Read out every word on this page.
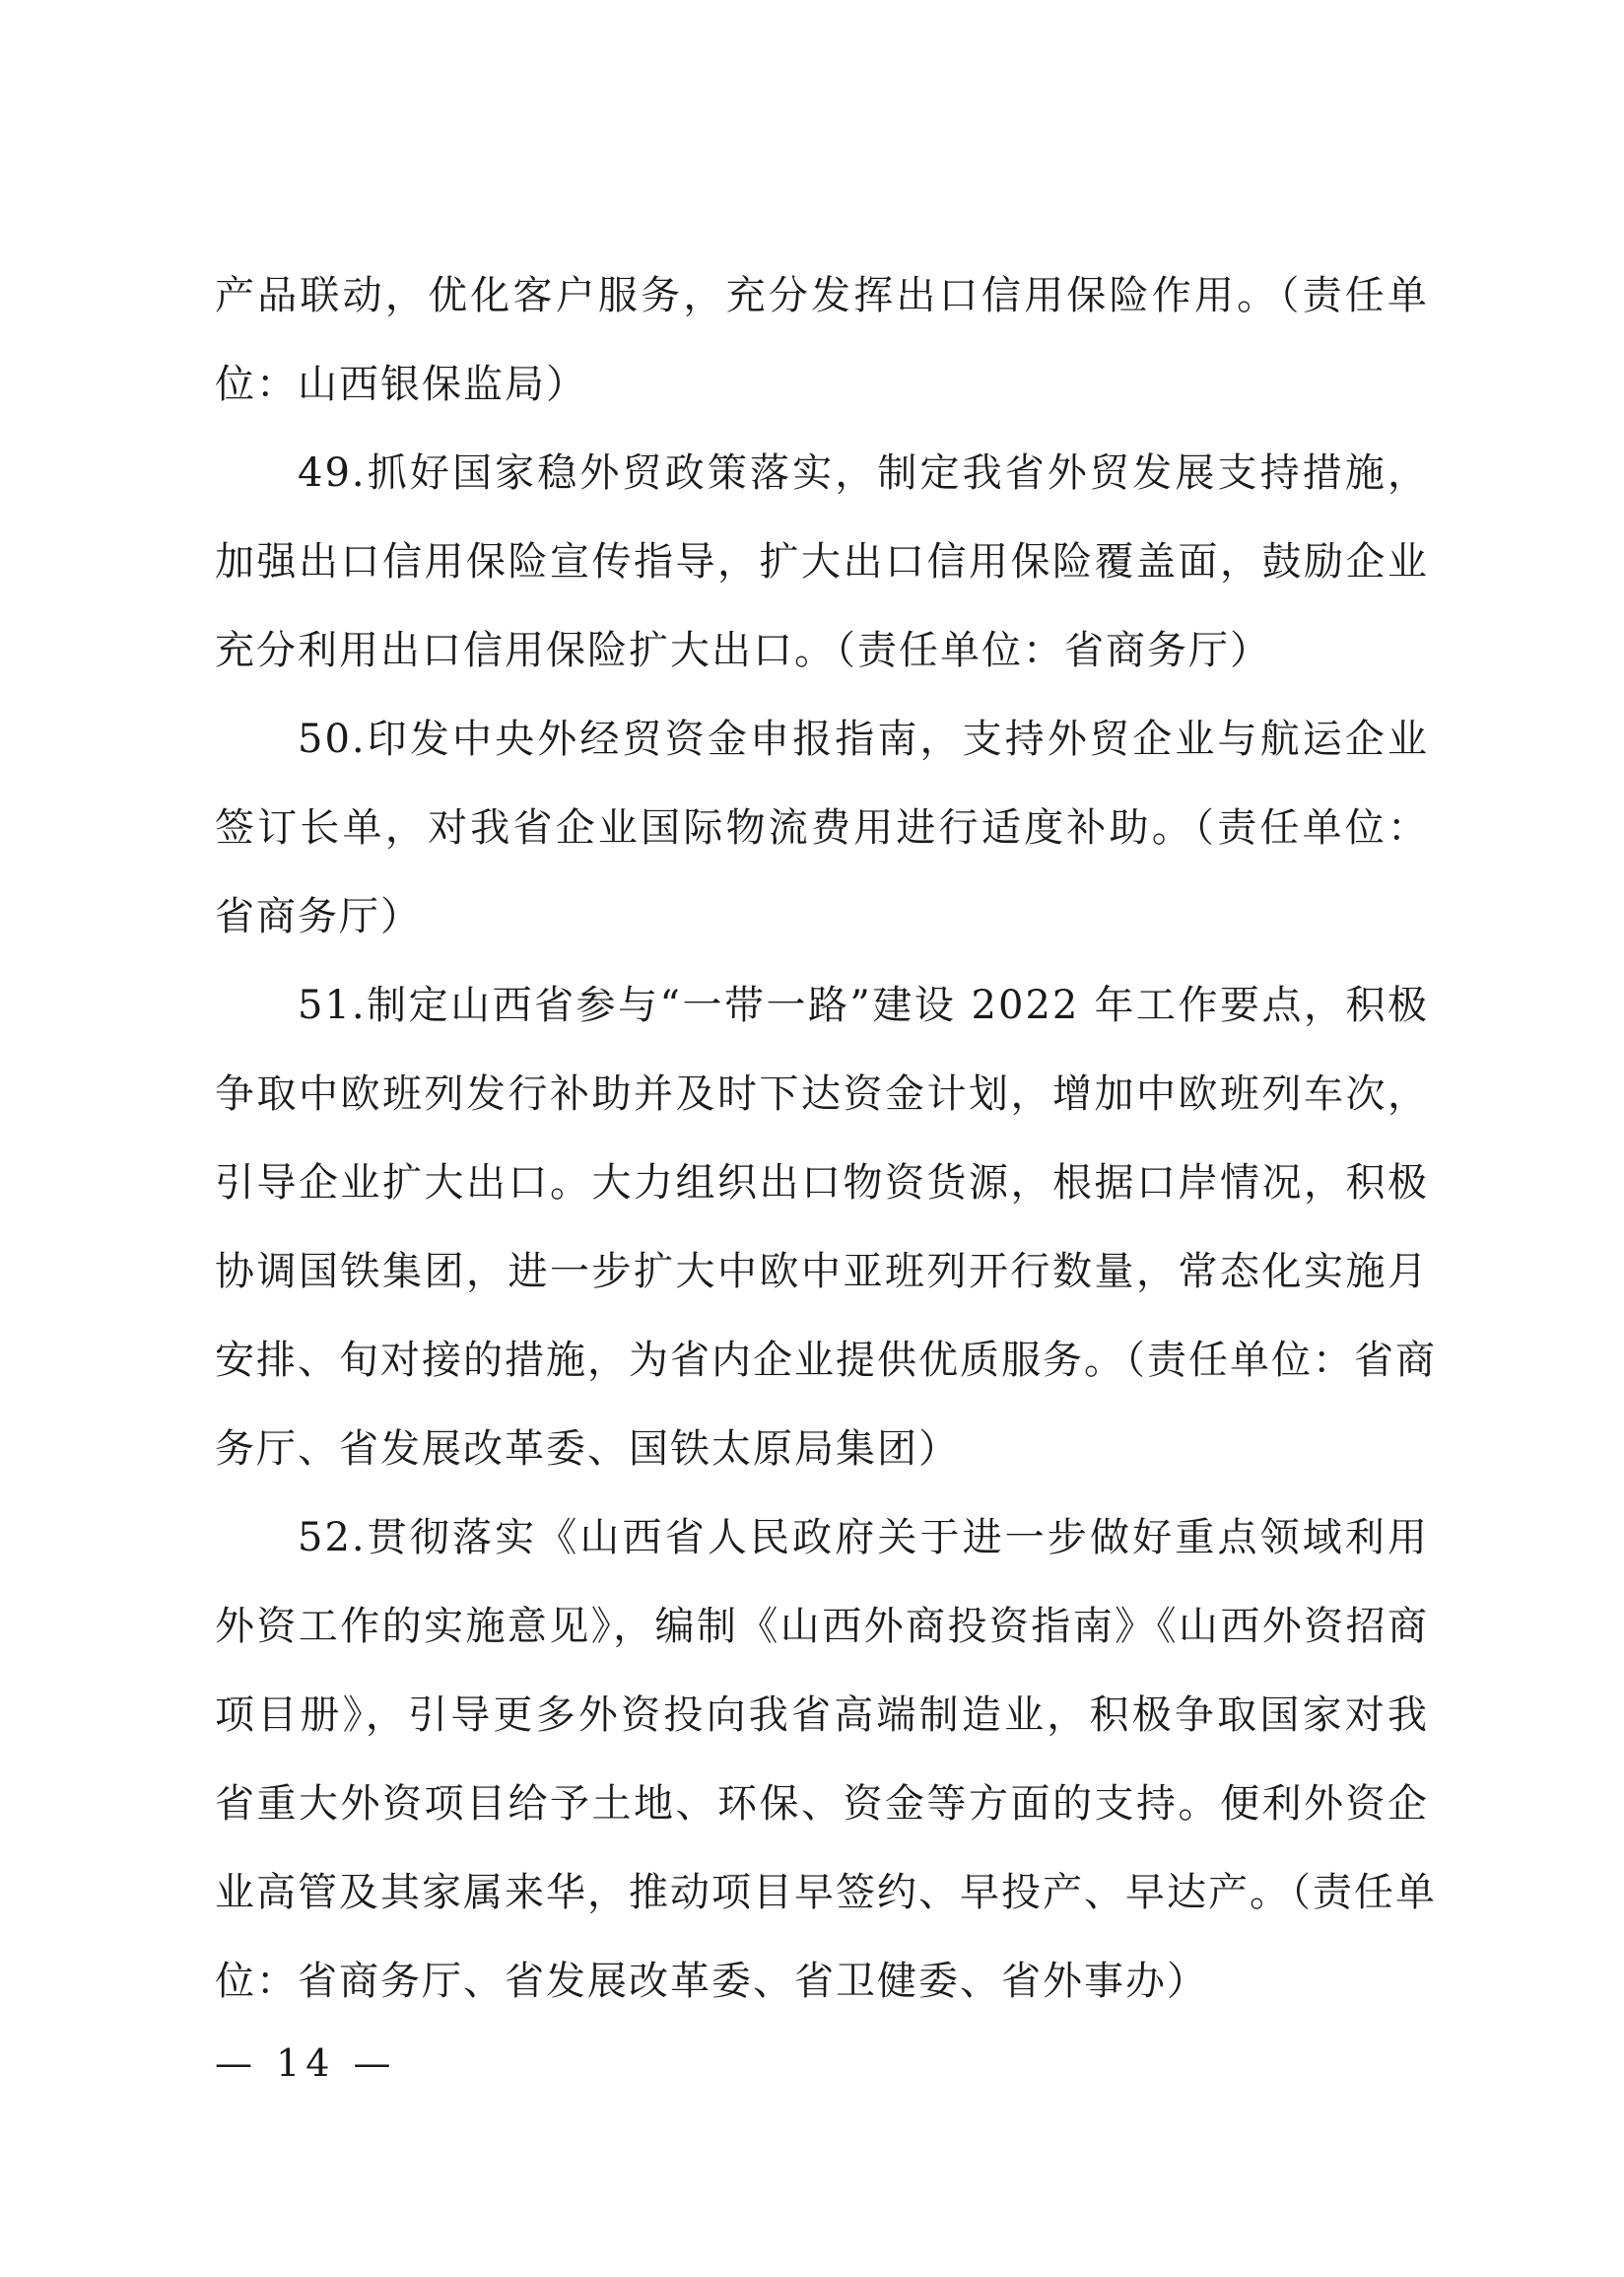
产品联动，优化客户服务，充分发挥出口信用保险作用。（责任单
位：山西银保监局）
49.抓好国家稳外贸政策落实，制定我省外贸发展支持措施，
加强出口信用保险宣传指导，扩大出口信用保险覆盖面，鼓励企业
充分利用出口信用保险扩大出口。（责任单位：省商务厅）
50.印发中央外经贸资金申报指南，支持外贸企业与航运企业
签订长单，对我省企业国际物流费用进行适度补助。（责任单位：
省商务厅）
51.制定山西省参与“一带一路”建设 2022 年工作要点，积极
争取中欧班列发行补助并及时下达资金计划，增加中欧班列车次，
引导企业扩大出口。大力组织出口物资货源，根据口岸情况，积极
协调国铁集团，进一步扩大中欧中亚班列开行数量，常态化实施月
安排、旬对接的措施，为省内企业提供优质服务。（责任单位：省商
务厅、省发展改革委、国铁太原局集团）
52.贯彻落实《山西省人民政府关于进一步做好重点领域利用
外资工作的实施意见》，编制《山西外商投资指南》《山西外资招商
项目册》，引导更多外资投向我省高端制造业，积极争取国家对我
省重大外资项目给予土地、环保、资金等方面的支持。便利外资企
业高管及其家属来华，推动项目早签约、早投产、早达产。（责任单
位：省商务厅、省发展改革委、省卫健委、省外事办）
— 14 —
